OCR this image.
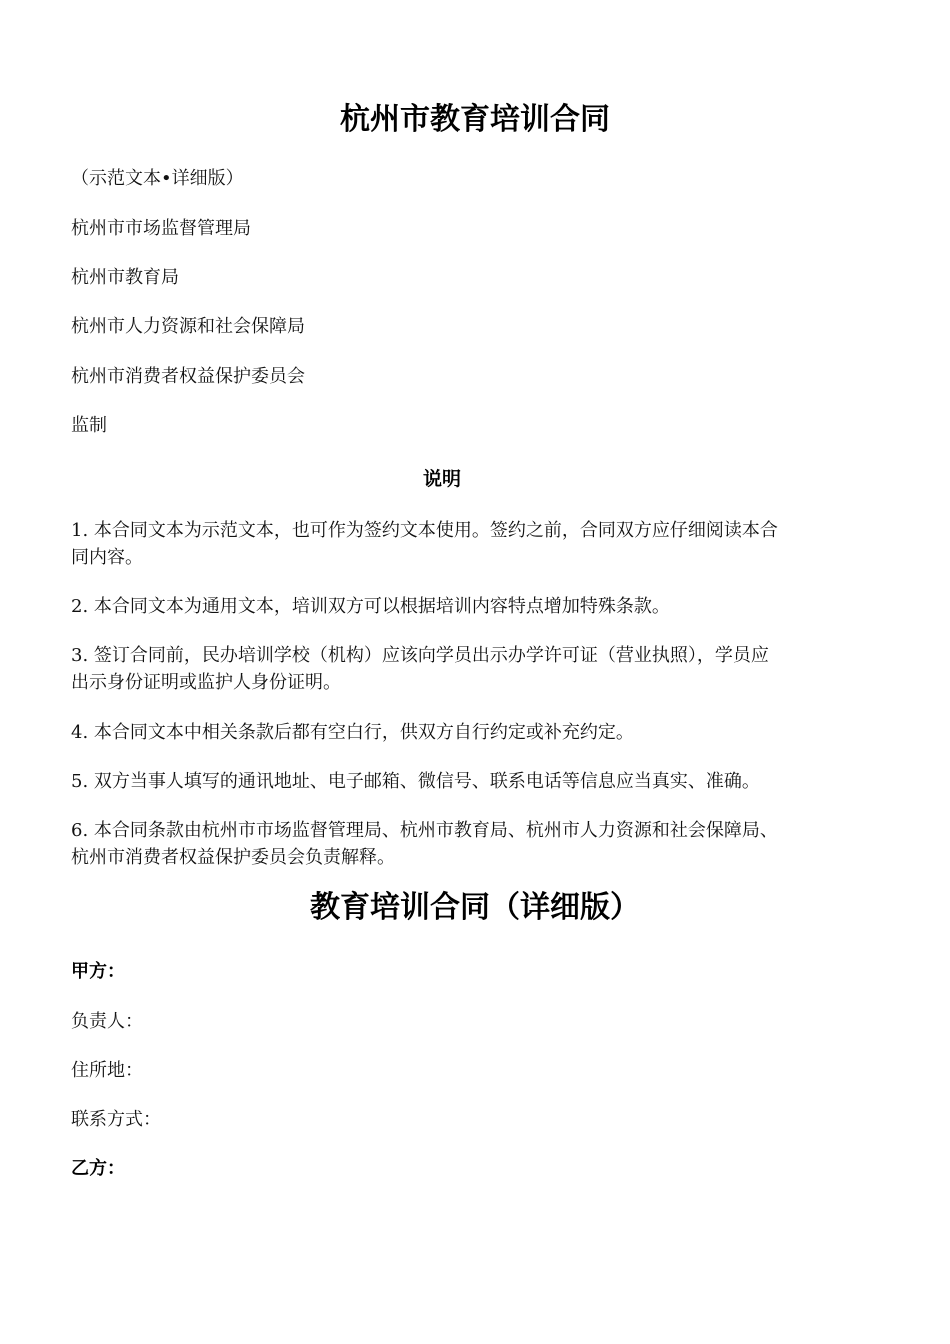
杭州市教育培训合同
（示范文本•详细版）
杭州市市场监督管理局
杭州市教育局
杭州市人力资源和社会保障局
杭州市消费者权益保护委员会
监制
说明
1. 本合同文本为示范文本，也可作为签约文本使用。签约之前，合同双方应仔细阅读本合
同内容。
2. 本合同文本为通用文本，培训双方可以根据培训内容特点增加特殊条款。
3. 签订合同前，民办培训学校（机构）应该向学员出示办学许可证（营业执照），学员应
出示身份证明或监护人身份证明。
4. 本合同文本中相关条款后都有空白行，供双方自行约定或补充约定。
5. 双方当事人填写的通讯地址、电子邮箱、微信号、联系电话等信息应当真实、准确。
6. 本合同条款由杭州市市场监督管理局、杭州市教育局、杭州市人力资源和社会保障局、
杭州市消费者权益保护委员会负责解释。
教育培训合同（详细版）
甲方：
负责人：
住所地：
联系方式：
乙方：
